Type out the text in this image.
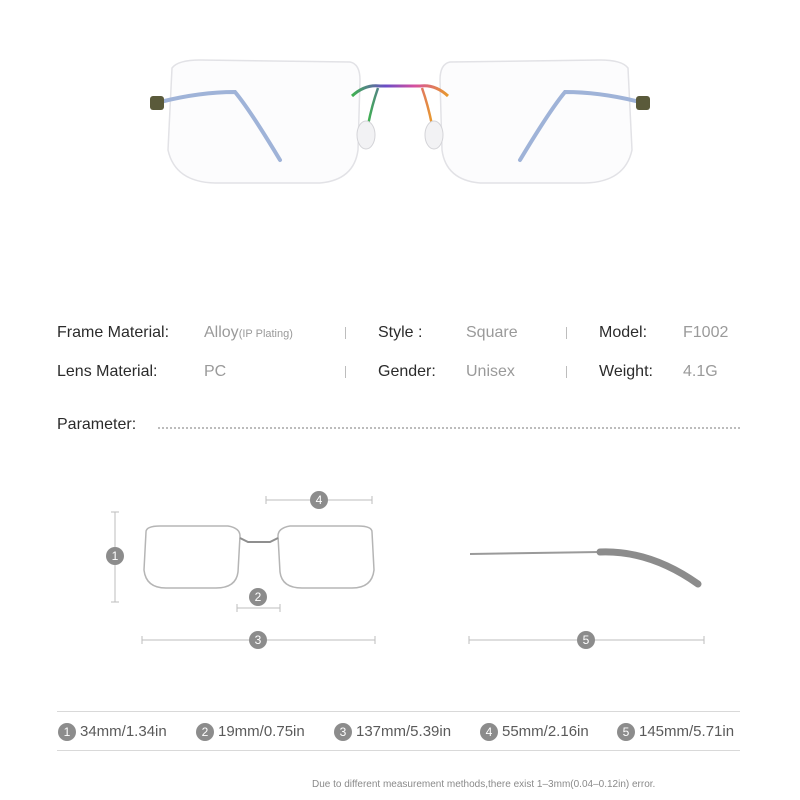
Frame Material: Alloy(IP Plating)	Style :	Square	Model: F1002
Lens Material:	PC	Gender: Unisex	Weight: 4.1G
Parameter:
1
4
2
3	5
1 34mm/1.34in	2 19mm/0.75in	3 137mm/5.39in	4 55mm/2.16in	5 145mm/5.71in
Due to different measurement methods,there exist 1–3mm(0.04–0.12in) error.
